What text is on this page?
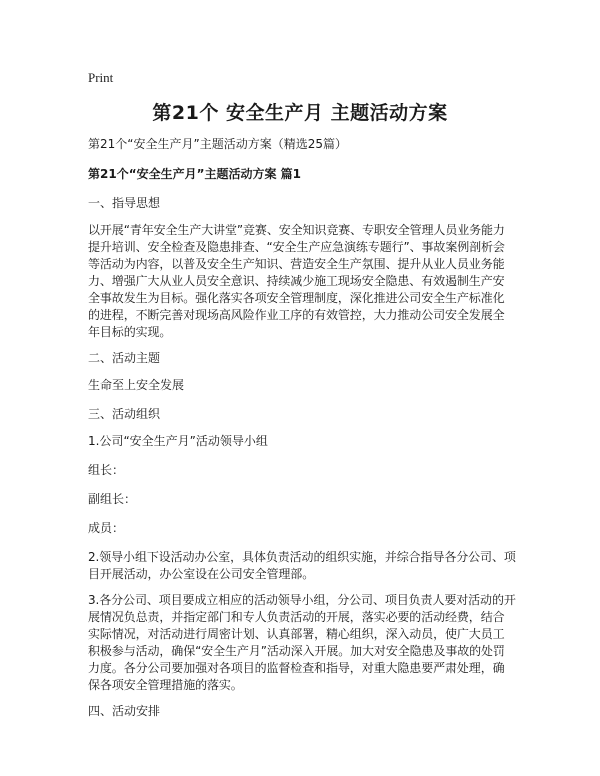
Print
第21个 安全生产月 主题活动方案

第21个“安全生产月”主题活动方案（精选25篇）

第21个“安全生产月”主题活动方案 篇1

一、指导思想

以开展“青年安全生产大讲堂”竞赛、安全知识竞赛、专职安全管理人员业务能力提升培训、安全检查及隐患排查、“安全生产应急演练专题行”、事故案例剖析会等活动为内容，以普及安全生产知识、营造安全生产氛围、提升从业人员业务能力、增强广大从业人员安全意识、持续减少施工现场安全隐患、有效遏制生产安全事故发生为目标。强化落实各项安全管理制度，深化推进公司安全生产标准化的进程，不断完善对现场高风险作业工序的有效管控，大力推动公司安全发展全年目标的实现。

二、活动主题

生命至上安全发展

三、活动组织

1.公司“安全生产月”活动领导小组

组长：

副组长：

成员：

2.领导小组下设活动办公室，具体负责活动的组织实施，并综合指导各分公司、项目开展活动，办公室设在公司安全管理部。

3.各分公司、项目要成立相应的活动领导小组，分公司、项目负责人要对活动的开展情况负总责，并指定部门和专人负责活动的开展，落实必要的活动经费，结合实际情况，对活动进行周密计划、认真部署，精心组织，深入动员，使广大员工积极参与活动，确保“安全生产月”活动深入开展。加大对安全隐患及事故的处罚力度。各分公司要加强对各项目的监督检查和指导，对重大隐患要严肃处理，确保各项安全管理措施的落实。

四、活动安排
